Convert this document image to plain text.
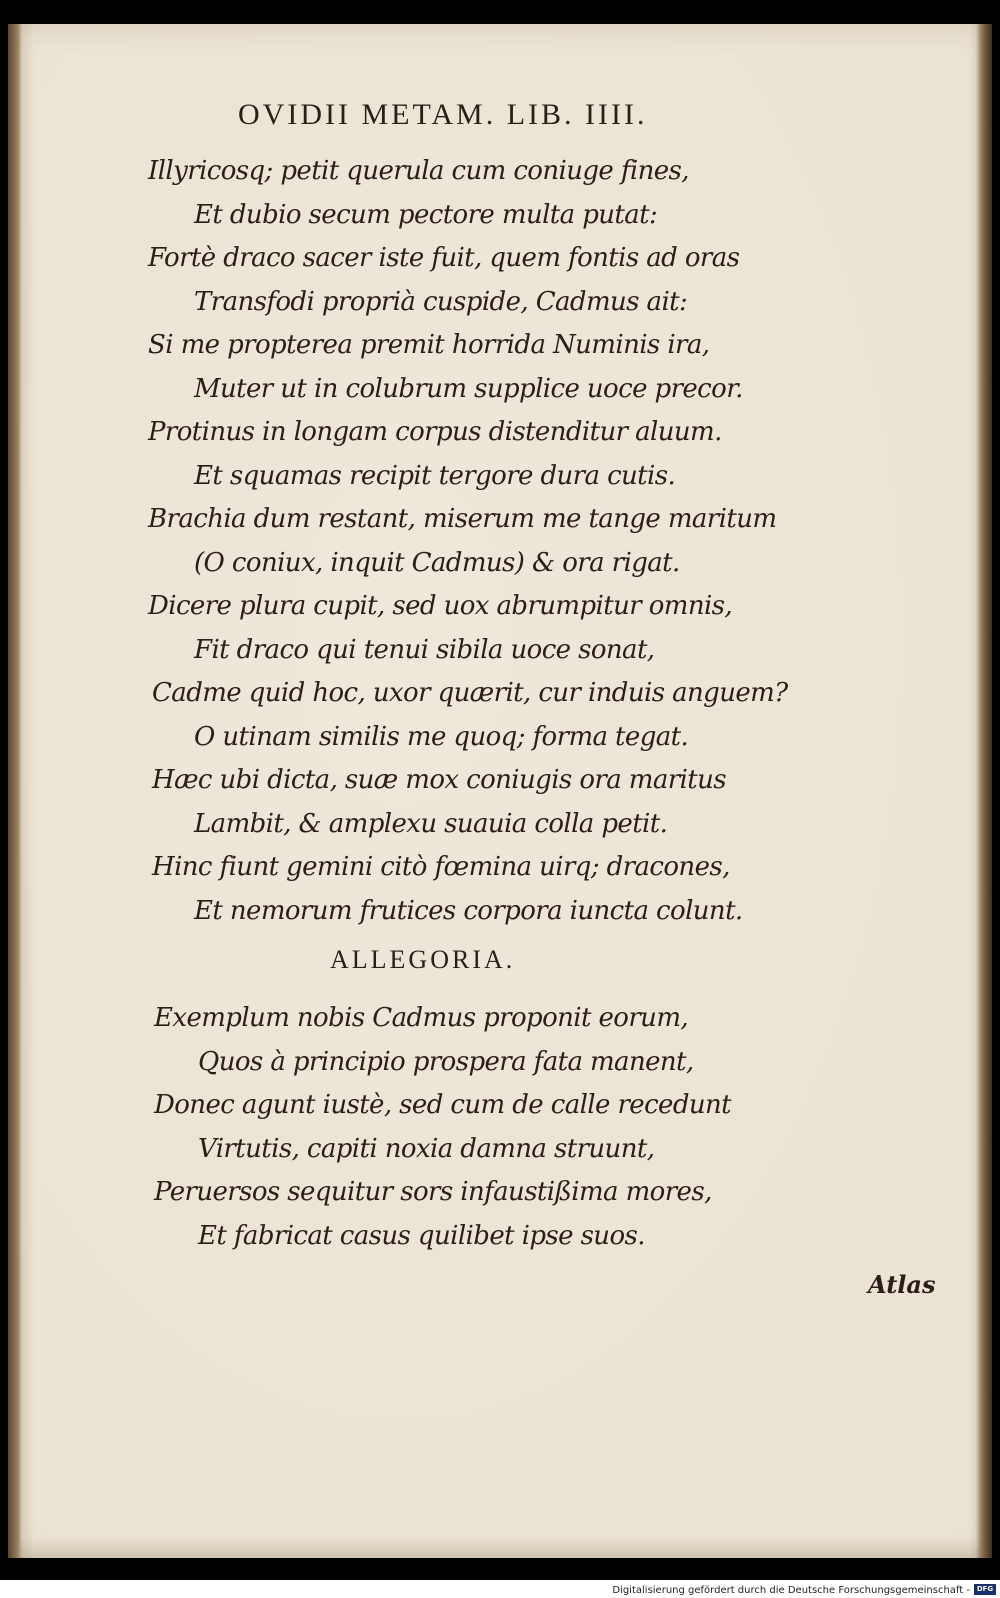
OVIDII METAM. LIB. IIII.
Illyricosq; petit querula cum coniuge fines,
Et dubio secum pectore multa putat:
Fortè draco sacer iste fuit, quem fontis ad oras
Transfodi proprià cuspide, Cadmus ait:
Si me propterea premit horrida Numinis ira,
Muter ut in colubrum supplice uoce precor.
Protinus in longam corpus distenditur aluum.
Et squamas recipit tergore dura cutis.
Brachia dum restant, miserum me tange maritum
(O coniux, inquit Cadmus) & ora rigat.
Dicere plura cupit, sed uox abrumpitur omnis,
Fit draco qui tenui sibila uoce sonat,
Cadme quid hoc, uxor quærit, cur induis anguem?
O utinam similis me quoq; forma tegat.
Hæc ubi dicta, suæ mox coniugis ora maritus
Lambit, & amplexu suauia colla petit.
Hinc fiunt gemini citò fœmina uirq; dracones,
Et nemorum frutices corpora iuncta colunt.
ALLEGORIA.
Exemplum nobis Cadmus proponit eorum,
Quos à principio prospera fata manent,
Donec agunt iustè, sed cum de calle recedunt
Virtutis, capiti noxia damna struunt,
Peruersos sequitur sors infaustißima mores,
Et fabricat casus quilibet ipse suos.
Atlas
Digitalisierung gefördert durch die Deutsche Forschungsgemeinschaft - DFG
